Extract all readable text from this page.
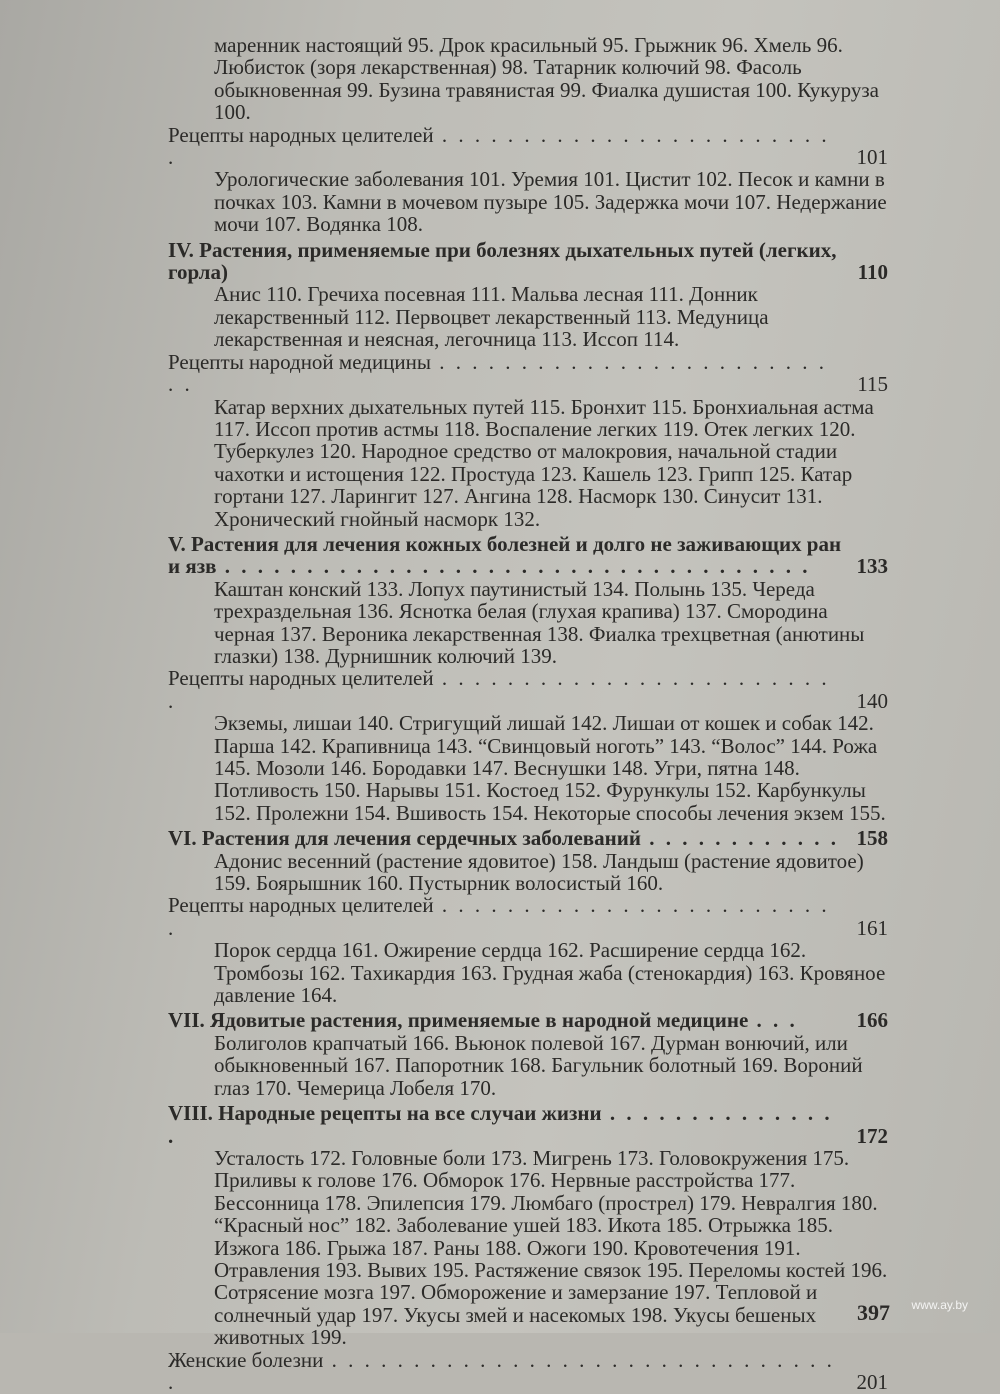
маренник настоящий 95. Дрок красильный 95. Грыжник 96. Хмель 96. Любисток (зоря лекарственная) 98. Татарник колючий 98. Фасоль обыкновенная 99. Бузина травянистая 99. Фиалка душистая 100. Кукуруза 100.
Рецепты народных целителей . . . . . . . . . . . . . . . . . . . . . . . . .	101
Урологические заболевания 101. Уремия 101. Цистит 102. Песок и камни в почках 103. Камни в мочевом пузыре 105. Задержка мочи 107. Недержание мочи 107. Водянка 108.
IV. Растения, применяемые при болезнях дыхательных путей (легких, горла)	110
Анис 110. Гречиха посевная 111. Мальва лесная 111. Донник лекарственный 112. Первоцвет лекарственный 113. Медуница лекарственная и неясная, легочница 113. Иссоп 114.
Рецепты народной медицины . . . . . . . . . . . . . . . . . . . . . . . . . .	115
Катар верхних дыхательных путей 115. Бронхит 115. Бронхиальная астма 117. Иссоп против астмы 118. Воспаление легких 119. Отек легких 120. Туберкулез 120. Народное средство от малокровия, начальной стадии чахотки и истощения 122. Простуда 123. Кашель 123. Грипп 125. Катар гортани 127. Ларингит 127. Ангина 128. Насморк 130. Синусит 131. Хронический гнойный насморк 132.
V. Растения для лечения кожных болезней и долго не заживающих ран и язв . . . . . . . . . . . . . . . . . . . . . . . . . . . . . . . . . . . . 133
Каштан конский 133. Лопух паутинистый 134. Полынь 135. Череда трехраздельная 136. Яснотка белая (глухая крапива) 137. Смородина черная 137. Вероника лекарственная 138. Фиалка трехцветная (анютины глазки) 138. Дурнишник колючий 139.
Рецепты народных целителей . . . . . . . . . . . . . . . . . . . . . . . . .	140
Экземы, лишаи 140. Стригущий лишай 142. Лишаи от кошек и собак 142. Парша 142. Крапивница 143. “Свинцовый ноготь” 143. “Волос” 144. Рожа 145. Мозоли 146. Бородавки 147. Веснушки 148. Угри, пятна 148. Потливость 150. Нарывы 151. Костоед 152. Фурункулы 152. Карбункулы 152. Пролежни 154. Вшивость 154. Некоторые способы лечения экзем 155.
VI. Растения для лечения сердечных заболеваний . . . . . . . . . . . . 158
Адонис весенний (растение ядовитое) 158. Ландыш (растение ядовитое) 159. Боярышник 160. Пустырник волосистый 160.
Рецепты народных целителей . . . . . . . . . . . . . . . . . . . . . . . . .	161
Порок сердца 161. Ожирение сердца 162. Расширение сердца 162. Тромбозы 162. Тахикардия 163. Грудная жаба (стенокардия) 163. Кровяное давление 164.
VII. Ядовитые растения, применяемые в народной медицине . . .	166
Болиголов крапчатый 166. Вьюнок полевой 167. Дурман вонючий, или обыкновенный 167. Папоротник 168. Багульник болотный 169. Вороний глаз 170. Чемерица Лобеля 170.
VIII. Народные рецепты на все случаи жизни . . . . . . . . . . . . . . .	172
Усталость 172. Головные боли 173. Мигрень 173. Головокружения 175. Приливы к голове 176. Обморок 176. Нервные расстройства 177. Бессонница 178. Эпилепсия 179. Люмбаго (прострел) 179. Невралгия 180. “Красный нос” 182. Заболевание ушей 183. Икота 185. Отрыжка 185. Изжога 186. Грыжа 187. Раны 188. Ожоги 190. Кровотечения 191. Отравления 193. Вывих 195. Растяжение связок 195. Переломы костей 196. Сотрясение мозга 197. Обморожение и замерзание 197. Тепловой и солнечный удар 197. Укусы змей и насекомых 198. Укусы бешеных животных 199.
Женские болезни . . . . . . . . . . . . . . . . . . . . . . . . . . . . . . . .	201
397 www.ay.by
